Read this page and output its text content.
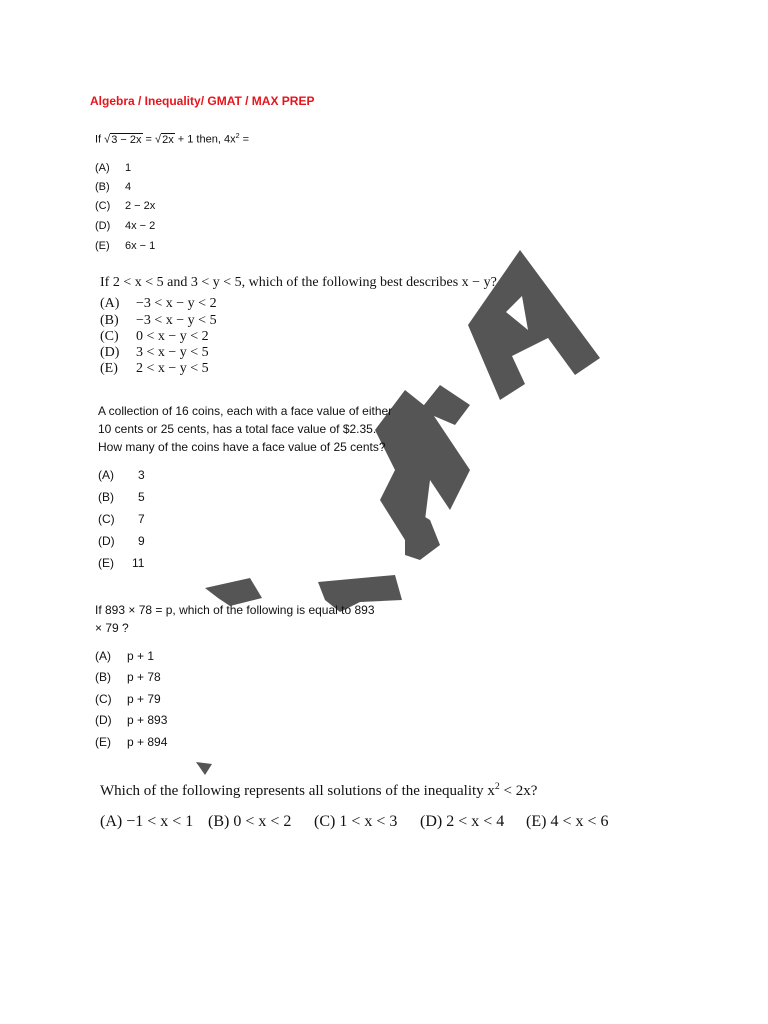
Algebra / Inequality/ GMAT / MAX PREP
If √3 − 2x = √2x + 1 then, $4x^2$ =
(A) 1
(B) 4
(C) 2 − 2x
(D) 4x − 2
(E) 6x − 1
If 2 < x < 5 and 3 < y < 5, which of the following best describes x − y?
(A) −3 < x − y < 2
(B) −3 < x − y < 5
(C) 0 < x − y < 2
(D) 3 < x − y < 5
(E) 2 < x − y < 5
A collection of 16 coins, each with a face value of either 10 cents or 25 cents, has a total face value of $2.35. How many of the coins have a face value of 25 cents?
(A) 3
(B) 5
(C) 7
(D) 9
(E) 11
If 893 × 78 = p, which of the following is equal to 893 × 79 ?
(A) p + 1
(B) p + 78
(C) p + 79
(D) p + 893
(E) p + 894
Which of the following represents all solutions of the inequality $x^2 < 2x$?
(A) −1 < x < 1 (B) 0 < x < 2 (C) 1 < x < 3 (D) 2 < x < 4 (E) 4 < x < 6
